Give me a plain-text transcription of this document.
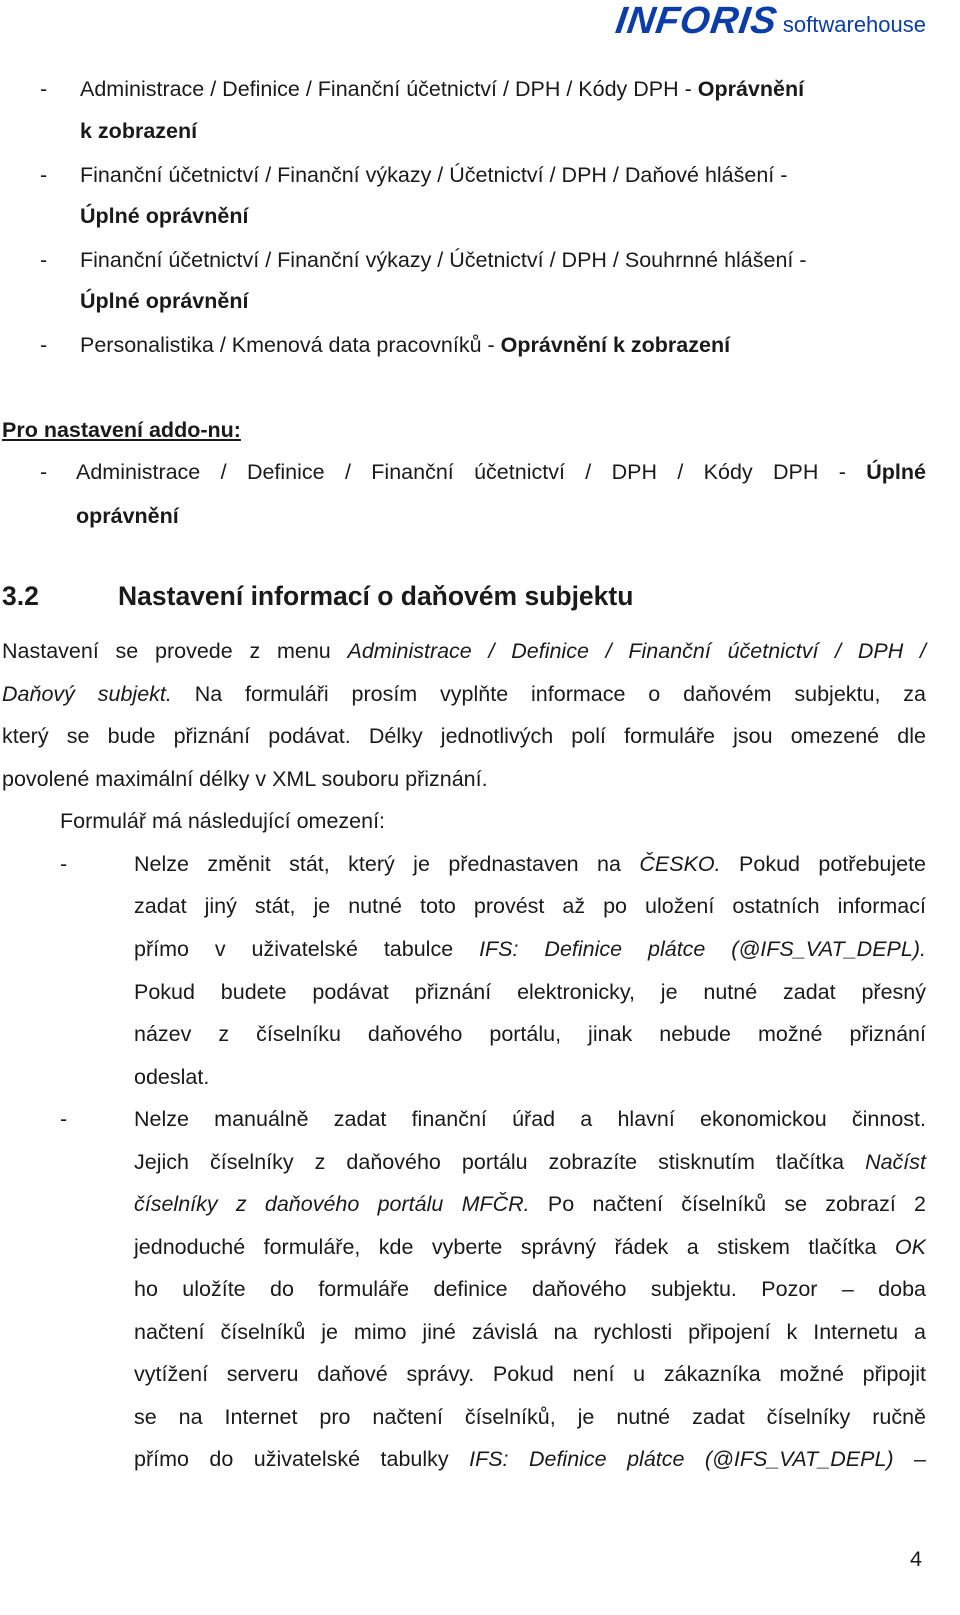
INFORIS softwarehouse
- Administrace / Definice / Finanční účetnictví / DPH / Kódy DPH - Oprávnění
k zobrazení
- Finanční účetnictví / Finanční výkazy / Účetnictví / DPH / Daňové hlášení -
Úplné oprávnění
- Finanční účetnictví / Finanční výkazy / Účetnictví / DPH / Souhrnné hlášení -
Úplné oprávnění
- Personalistika / Kmenová data pracovníků - Oprávnění k zobrazení
Pro nastavení addo-nu:
- Administrace / Definice / Finanční účetnictví / DPH / Kódy DPH - Úplné
oprávnění
3.2	Nastavení informací o daňovém subjektu
Nastavení se provede z menu Administrace / Definice / Finanční účetnictví / DPH /
Daňový subjekt. Na formuláři prosím vyplňte informace o daňovém subjektu, za
který se bude přiznání podávat. Délky jednotlivých polí formuláře jsou omezené dle
povolené maximální délky v XML souboru přiznání.
Formulář má následující omezení:
-	Nelze změnit stát, který je přednastaven na ČESKO. Pokud potřebujete
zadat jiný stát, je nutné toto provést až po uložení ostatních informací
přímo v uživatelské tabulce IFS: Definice plátce (@IFS_VAT_DEPL).
Pokud budete podávat přiznání elektronicky, je nutné zadat přesný
název z číselníku daňového portálu, jinak nebude možné přiznání
odeslat.
-	Nelze manuálně zadat finanční úřad a hlavní ekonomickou činnost.
Jejich číselníky z daňového portálu zobrazíte stisknutím tlačítka Načíst
číselníky z daňového portálu MFČR. Po načtení číselníků se zobrazí 2
jednoduché formuláře, kde vyberte správný řádek a stiskem tlačítka OK
ho uložíte do formuláře definice daňového subjektu. Pozor – doba
načtení číselníků je mimo jiné závislá na rychlosti připojení k Internetu a
vytížení serveru daňové správy. Pokud není u zákazníka možné připojit
se na Internet pro načtení číselníků, je nutné zadat číselníky ručně
přímo do uživatelské tabulky IFS: Definice plátce (@IFS_VAT_DEPL) –
4
